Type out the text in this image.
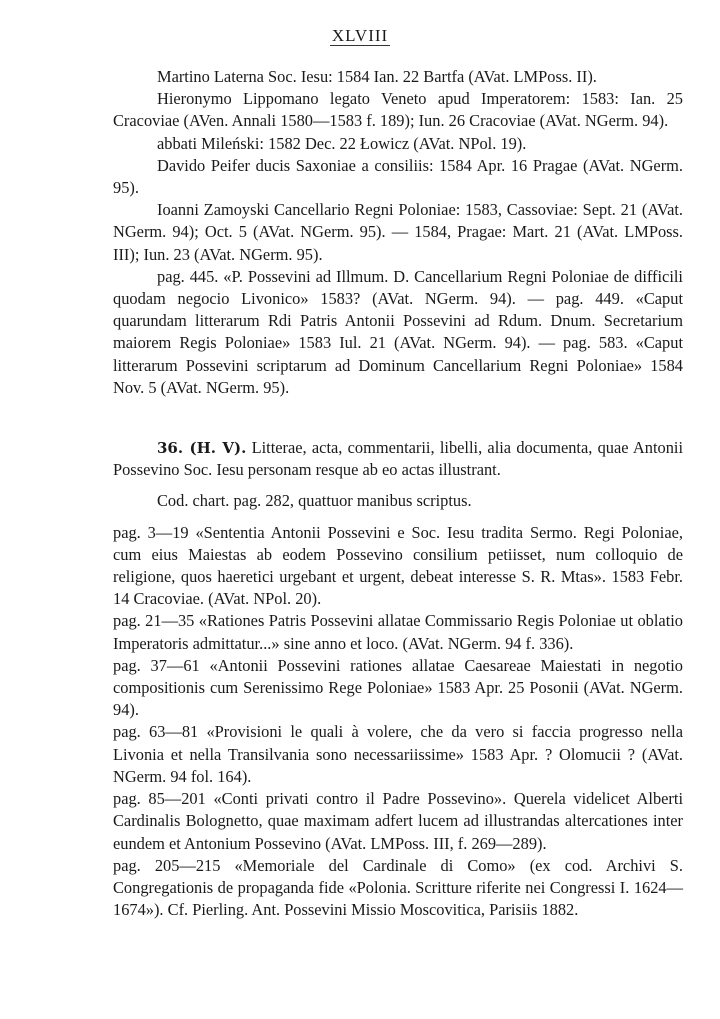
XLVIII

Martino Laterna Soc. Iesu: 1584 Ian. 22 Bartfa (AVat. LMPoss. II).

Hieronymo Lippomano legato Veneto apud Imperatorem: 1583: Ian. 25 Cracoviae (AVen. Annali 1580—1583 f. 189); Iun. 26 Cracoviae (AVat. NGerm. 94).

abbati Mileński: 1582 Dec. 22 Łowicz (AVat. NPol. 19).

Davido Peifer ducis Saxoniae a consiliis: 1584 Apr. 16 Pragae (AVat. NGerm. 95).

Ioanni Zamoyski Cancellario Regni Poloniae: 1583, Cassoviae: Sept. 21 (AVat. NGerm. 94); Oct. 5 (AVat. NGerm. 95). — 1584, Pragae: Mart. 21 (AVat. LMPoss. III); Iun. 23 (AVat. NGerm. 95).

pag. 445. «P. Possevini ad Illmum. D. Cancellarium Regni Poloniae de difficili quodam negocio Livonico» 1583? (AVat. NGerm. 94). — pag. 449. «Caput quarundam litterarum Rdi Patris Antonii Possevini ad Rdum. Dnum. Secretarium maiorem Regis Poloniae» 1583 Iul. 21 (AVat. NGerm. 94). — pag. 583. «Caput litterarum Possevini scriptarum ad Dominum Cancellarium Regni Poloniae» 1584 Nov. 5 (AVat. NGerm. 95).

36. (H. V). Litterae, acta, commentarii, libelli, alia documenta, quae Antonii Possevino Soc. Iesu personam resque ab eo actas illustrant.

Cod. chart. pag. 282, quattuor manibus scriptus.

pag. 3—19 «Sententia Antonii Possevini e Soc. Iesu tradita Sermo. Regi Poloniae, cum eius Maiestas ab eodem Possevino consilium petiisset, num colloquio de religione, quos haeretici urgebant et urgent, debeat interesse S. R. Mtas». 1583 Febr. 14 Cracoviae. (AVat. NPol. 20).

pag. 21—35 «Rationes Patris Possevini allatae Commissario Regis Poloniae ut oblatio Imperatoris admittatur...» sine anno et loco. (AVat. NGerm. 94 f. 336).

pag. 37—61 «Antonii Possevini rationes allatae Caesareae Maiestati in negotio compositionis cum Serenissimo Rege Poloniae» 1583 Apr. 25 Posonii (AVat. NGerm. 94).

pag. 63—81 «Provisioni le quali à volere, che da vero si faccia progresso nella Livonia et nella Transilvania sono necessariissime» 1583 Apr. ? Olomucii ? (AVat. NGerm. 94 fol. 164).

pag. 85—201 «Conti privati contro il Padre Possevino». Querela videlicet Alberti Cardinalis Bolognetto, quae maximam adfert lucem ad illustrandas altercationes inter eundem et Antonium Possevino (AVat. LMPoss. III, f. 269—289).

pag. 205—215 «Memoriale del Cardinale di Como» (ex cod. Archivi S. Congregationis de propaganda fide «Polonia. Scritture riferite nei Congressi I. 1624—1674»). Cf. Pierling. Ant. Possevini Missio Moscovitica, Parisiis 1882.
